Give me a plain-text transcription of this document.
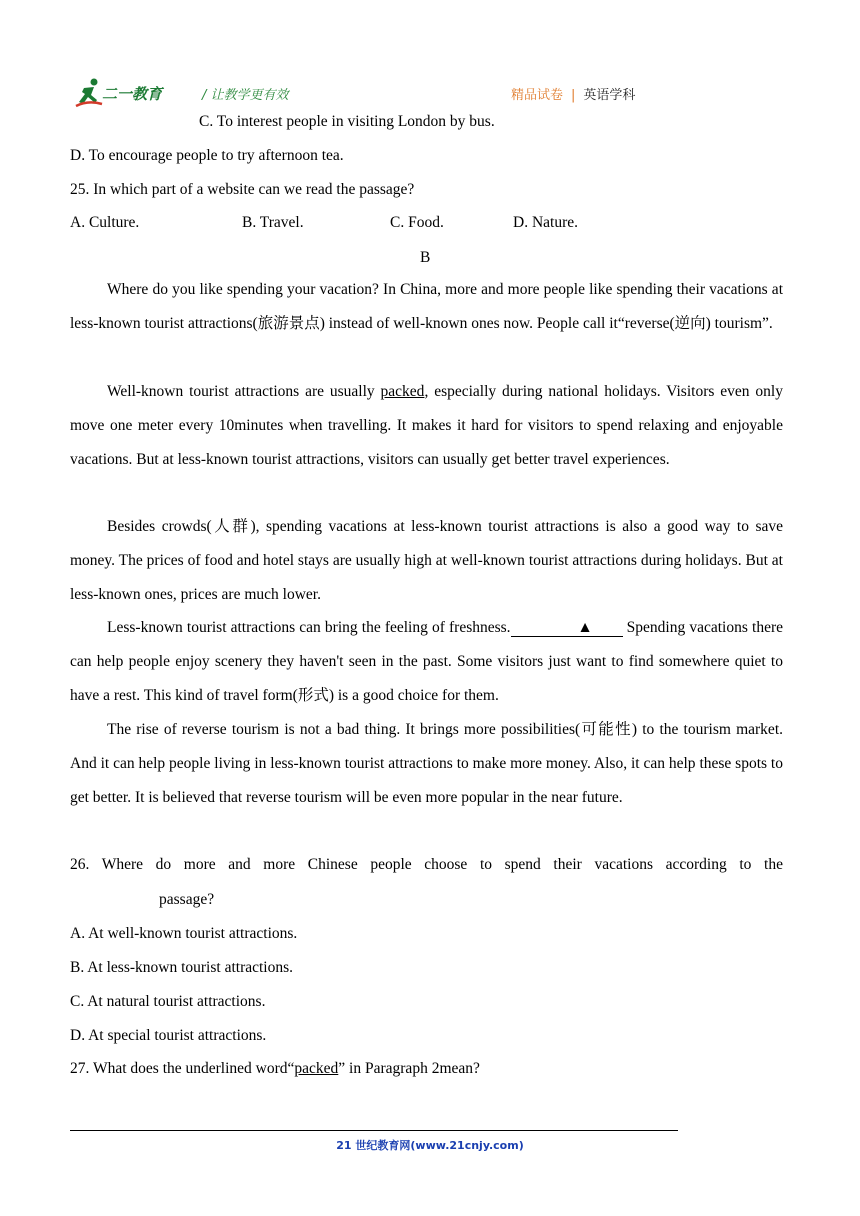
二一教育	/ 让教学更有效	精品试卷 | 英语学科
C. To interest people in visiting London by bus.
D. To encourage people to try afternoon tea.
25. In which part of a website can we read the passage?
A. Culture.	B. Travel.	C. Food.	D. Nature.
B
Where do you like spending your vacation? In China, more and more people like spending their vacations at less-known tourist attractions(旅游景点) instead of well-known ones now. People call it“reverse(逆向) tourism”.
Well-known tourist attractions are usually packed, especially during national holidays. Visitors even only move one meter every 10minutes when travelling. It makes it hard for visitors to spend relaxing and enjoyable vacations. But at less-known tourist attractions, visitors can usually get better travel experiences.
Besides crowds(人群), spending vacations at less-known tourist attractions is also a good way to save money. The prices of food and hotel stays are usually high at well-known tourist attractions during holidays. But at less-known ones, prices are much lower.
Less-known tourist attractions can bring the feeling of freshness.	▲ Spending vacations there can help people enjoy scenery they haven't seen in the past. Some visitors just want to find somewhere quiet to have a rest. This kind of travel form(形式) is a good choice for them.
The rise of reverse tourism is not a bad thing. It brings more possibilities(可能性) to the tourism market. And it can help people living in less-known tourist attractions to make more money. Also, it can help these spots to get better. It is believed that reverse tourism will be even more popular in the near future.
26. Where do more and more Chinese people choose to spend their vacations according to the
passage?
A. At well-known tourist attractions.
B. At less-known tourist attractions.
C. At natural tourist attractions.
D. At special tourist attractions.
27. What does the underlined word“packed” in Paragraph 2mean?
21 世纪教育网(www.21cnjy.com)
